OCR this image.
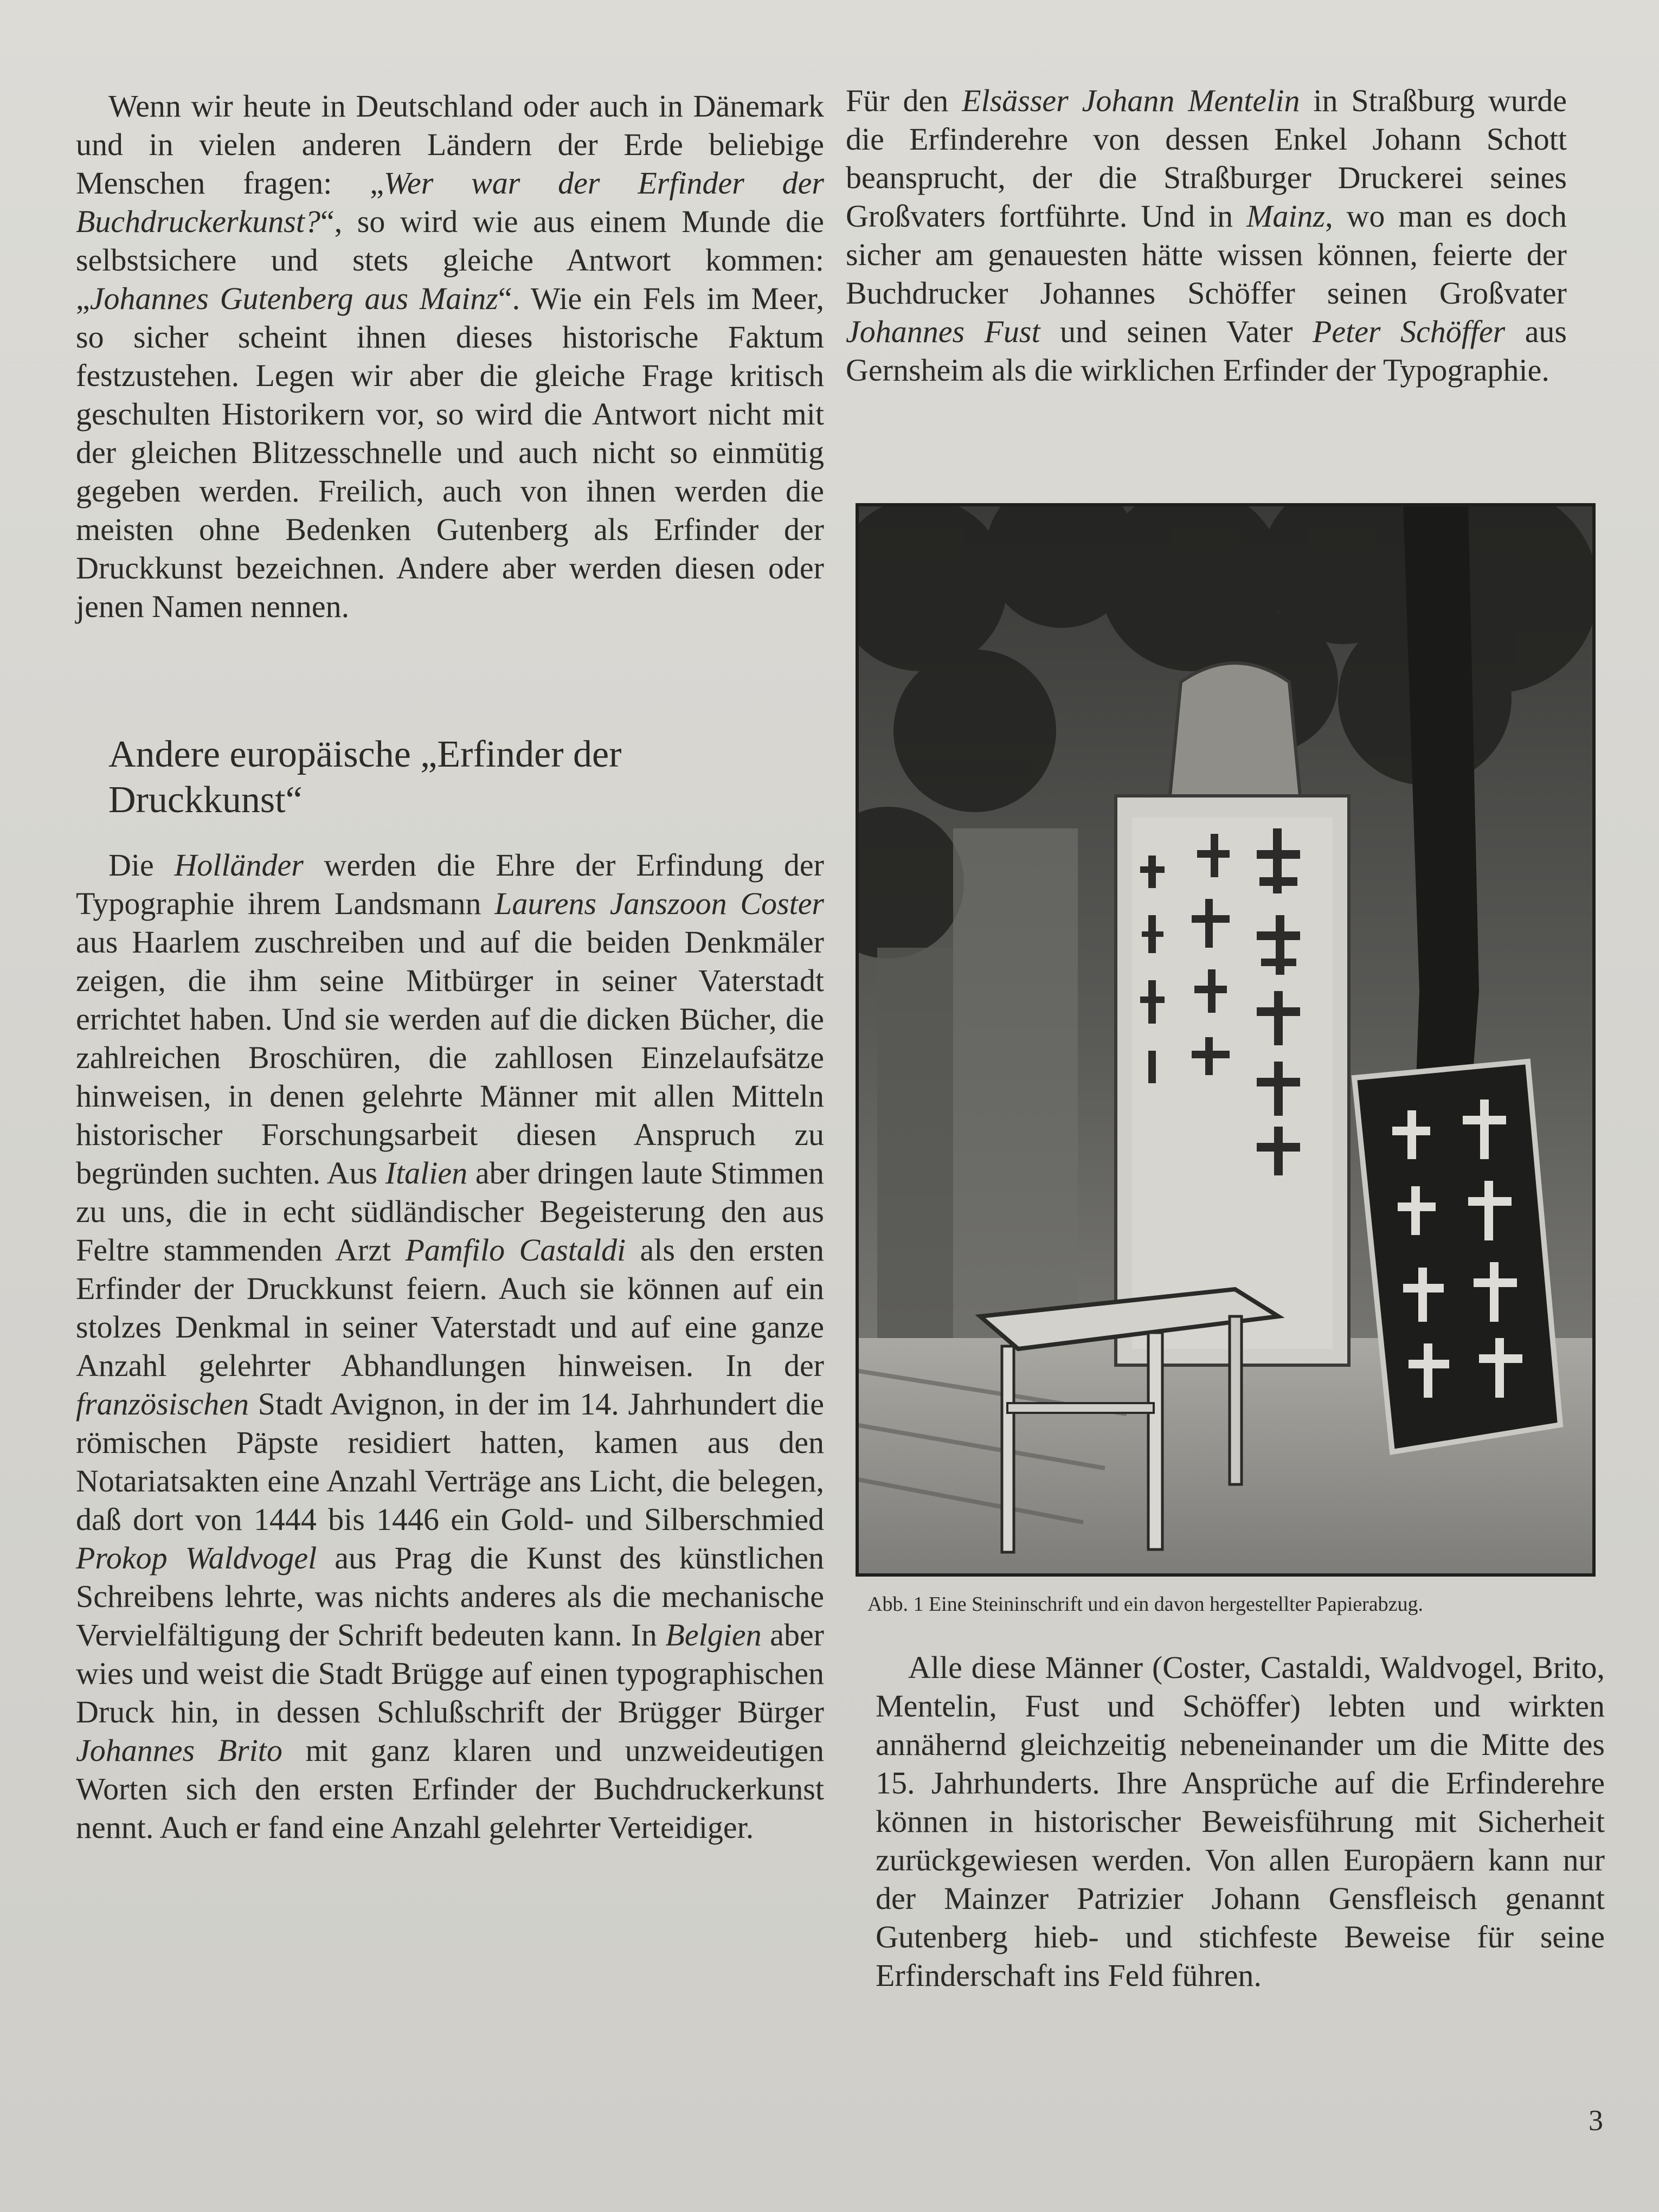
Wenn wir heute in Deutschland oder auch in Dänemark und in vielen anderen Ländern der Erde beliebige Menschen fragen: „Wer war der Erfinder der Buchdruckerkunst?“, so wird wie aus einem Munde die selbstsichere und stets gleiche Antwort kommen: „Johannes Gutenberg aus Mainz“. Wie ein Fels im Meer, so sicher scheint ihnen dieses historische Faktum festzustehen. Legen wir aber die gleiche Frage kritisch geschulten Historikern vor, so wird die Antwort nicht mit der gleichen Blitzesschnelle und auch nicht so einmütig gegeben werden. Freilich, auch von ihnen werden die meisten ohne Bedenken Gutenberg als Erfinder der Druckkunst bezeichnen. Andere aber werden diesen oder jenen Namen nennen.

Andere europäische „Erfinder der Druckkunst“

Die Holländer werden die Ehre der Erfindung der Typographie ihrem Landsmann Laurens Janszoon Coster aus Haarlem zuschreiben und auf die beiden Denkmäler zeigen, die ihm seine Mitbürger in seiner Vaterstadt errichtet haben. Und sie werden auf die dicken Bücher, die zahlreichen Broschüren, die zahllosen Einzelaufsätze hinweisen, in denen gelehrte Männer mit allen Mitteln historischer Forschungsarbeit diesen Anspruch zu begründen suchten. Aus Italien aber dringen laute Stimmen zu uns, die in echt südländischer Begeisterung den aus Feltre stammenden Arzt Pamfilo Castaldi als den ersten Erfinder der Druckkunst feiern. Auch sie können auf ein stolzes Denkmal in seiner Vaterstadt und auf eine ganze Anzahl gelehrter Abhandlungen hinweisen. In der französischen Stadt Avignon, in der im 14. Jahrhundert die römischen Päpste residiert hatten, kamen aus den Notariatsakten eine Anzahl Verträge ans Licht, die belegen, daß dort von 1444 bis 1446 ein Gold- und Silberschmied Prokop Waldvogel aus Prag die Kunst des künstlichen Schreibens lehrte, was nichts anderes als die mechanische Vervielfältigung der Schrift bedeuten kann. In Belgien aber wies und weist die Stadt Brügge auf einen typographischen Druck hin, in dessen Schlußschrift der Brügger Bürger Johannes Brito mit ganz klaren und unzweideutigen Worten sich den ersten Erfinder der Buchdruckerkunst nennt. Auch er fand eine Anzahl gelehrter Verteidiger.

Für den Elsässer Johann Mentelin in Straßburg wurde die Erfinderehre von dessen Enkel Johann Schott beansprucht, der die Straßburger Druckerei seines Großvaters fortführte. Und in Mainz, wo man es doch sicher am genauesten hätte wissen können, feierte der Buchdrucker Johannes Schöffer seinen Großvater Johannes Fust und seinen Vater Peter Schöffer aus Gernsheim als die wirklichen Erfinder der Typographie.

Abb. 1 Eine Steininschrift und ein davon hergestellter Papierabzug.

Alle diese Männer (Coster, Castaldi, Waldvogel, Brito, Mentelin, Fust und Schöffer) lebten und wirkten annähernd gleichzeitig nebeneinander um die Mitte des 15. Jahrhunderts. Ihre Ansprüche auf die Erfinderehre können in historischer Beweisführung mit Sicherheit zurückgewiesen werden. Von allen Europäern kann nur der Mainzer Patrizier Johann Gensfleisch genannt Gutenberg hieb- und stichfeste Beweise für seine Erfinderschaft ins Feld führen.

3
